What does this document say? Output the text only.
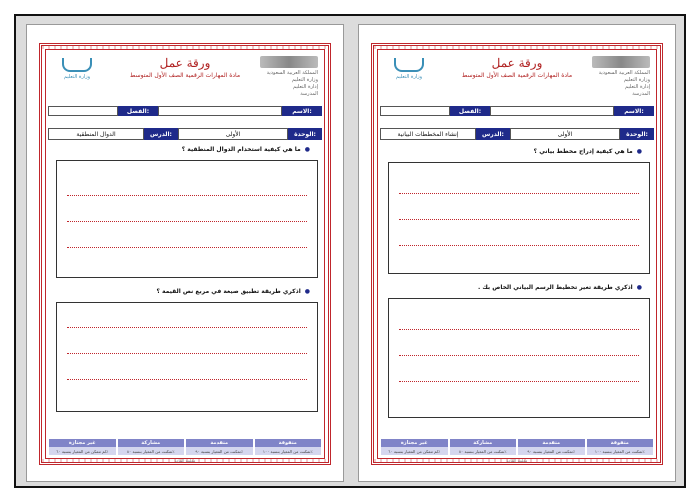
المملكة العربية السعودية
وزارة التعليم
إدارة التعليم
المدرسة
ورقة عمل
مادة المهارات الرقمية الصف الأول المتوسط
وزارة التعليم
الاسم:
الفصل:
الوحدة:
الأولى
الدرس:
الدوال المنطقية
●ما هي كيفية استخدام الدوال المنطقية ؟
●اذكري طريقة تطبيق صيغة في مربع نص القيمة ؟
متفوقة
تمكنت من المعيار بنسبة ١٠٠٪
متقدمة
تمكنت من المعيار بنسبة ٩٠٪
مشاركة
تمكنت من المعيار بنسبة ٨٠٪
غير مجتازة
لم تتمكن من المعيار بنسبة ٦٠٪
معلمة المادة
المملكة العربية السعودية
وزارة التعليم
إدارة التعليم
المدرسة
ورقة عمل
مادة المهارات الرقمية الصف الأول المتوسط
وزارة التعليم
الاسم:
الفصل:
الوحدة:
الأولى
الدرس:
إنشاء المخططات البيانية
●ما هي كيفية إدراج مخطط بياني ؟
●اذكري طريقة تغير تخطيط الرسم البياني الخاص بك .
متفوقة
تمكنت من المعيار بنسبة ١٠٠٪
متقدمة
تمكنت من المعيار بنسبة ٩٠٪
مشاركة
تمكنت من المعيار بنسبة ٨٠٪
غير مجتازة
لم تتمكن من المعيار بنسبة ٦٠٪
معلمة المادة
